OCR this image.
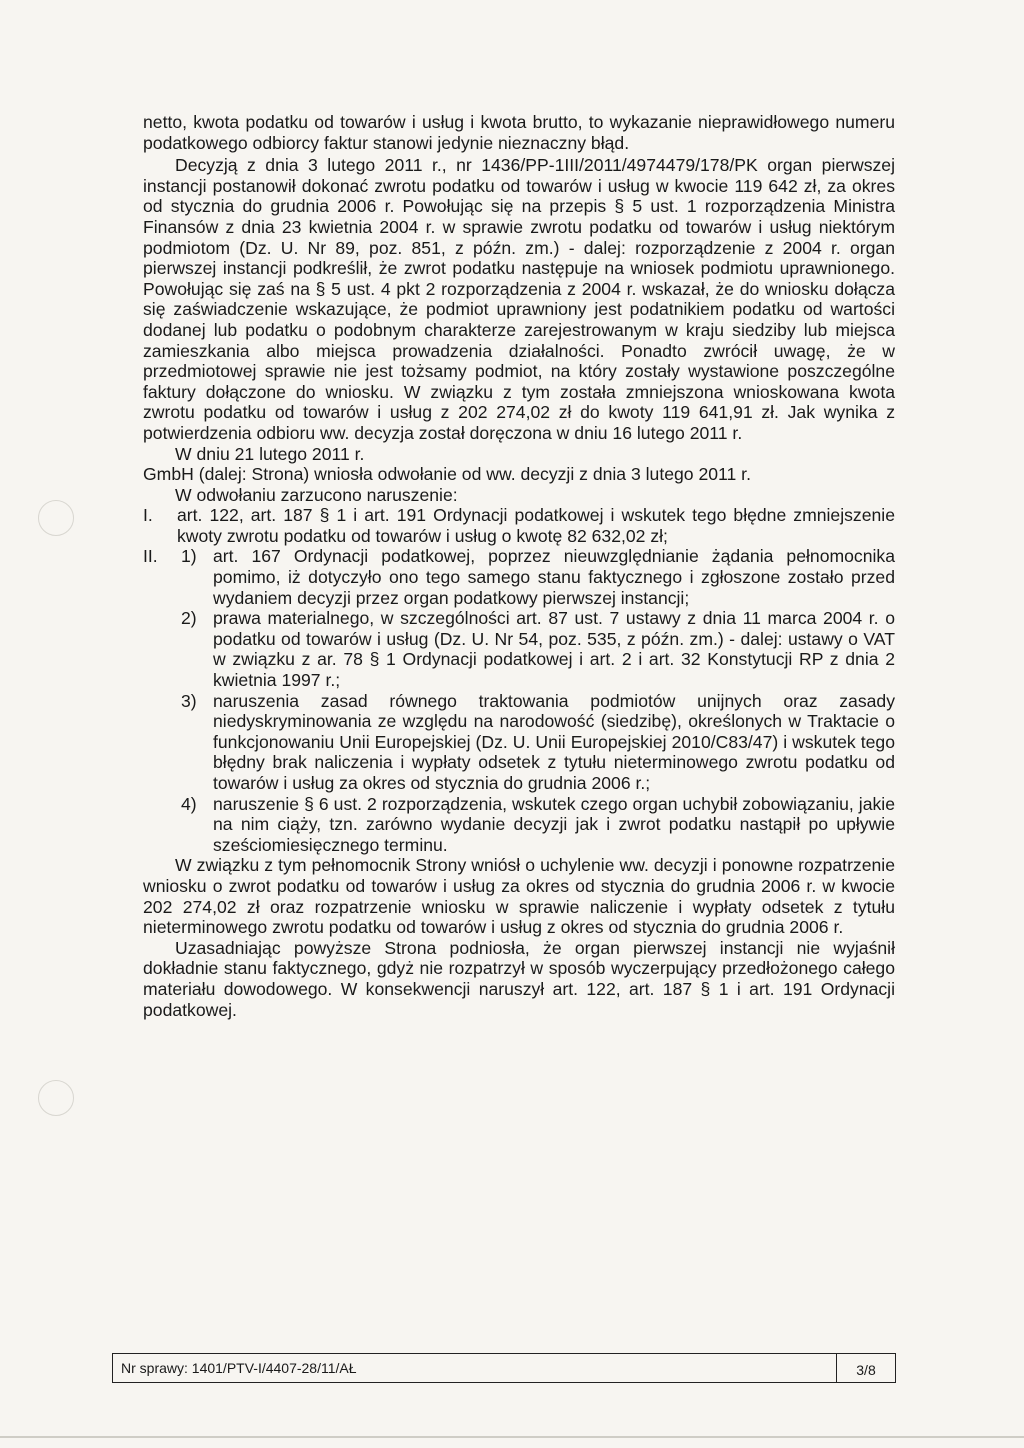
netto, kwota podatku od towarów i usług i kwota brutto, to wykazanie nieprawidłowego numeru podatkowego odbiorcy faktur stanowi jedynie nieznaczny błąd.

Decyzją z dnia 3 lutego 2011 r., nr 1436/PP-1III/2011/4974479/178/PK organ pierwszej instancji postanowił dokonać zwrotu podatku od towarów i usług w kwocie 119 642 zł, za okres od stycznia do grudnia 2006 r. Powołując się na przepis § 5 ust. 1 rozporządzenia Ministra Finansów z dnia 23 kwietnia 2004 r. w sprawie zwrotu podatku od towarów i usług niektórym podmiotom (Dz. U. Nr 89, poz. 851, z późn. zm.) - dalej: rozporządzenie z 2004 r. organ pierwszej instancji podkreślił, że zwrot podatku następuje na wniosek podmiotu uprawnionego. Powołując się zaś na § 5 ust. 4 pkt 2 rozporządzenia z 2004 r. wskazał, że do wniosku dołącza się zaświadczenie wskazujące, że podmiot uprawniony jest podatnikiem podatku od wartości dodanej lub podatku o podobnym charakterze zarejestrowanym w kraju siedziby lub miejsca zamieszkania albo miejsca prowadzenia działalności. Ponadto zwrócił uwagę, że w przedmiotowej sprawie nie jest tożsamy podmiot, na który zostały wystawione poszczególne faktury dołączone do wniosku. W związku z tym została zmniejszona wnioskowana kwota zwrotu podatku od towarów i usług z 202 274,02 zł do kwoty 119 641,91 zł. Jak wynika z potwierdzenia odbioru ww. decyzja został doręczona w dniu 16 lutego 2011 r.

W dniu 21 lutego 2011 r.

GmbH (dalej: Strona) wniosła odwołanie od ww. decyzji z dnia 3 lutego 2011 r.

W odwołaniu zarzucono naruszenie:

I. art. 122, art. 187 § 1 i art. 191 Ordynacji podatkowej i wskutek tego błędne zmniejszenie kwoty zwrotu podatku od towarów i usług o kwotę 82 632,02 zł;
II. 1) art. 167 Ordynacji podatkowej, poprzez nieuwzględnianie żądania pełnomocnika pomimo, iż dotyczyło ono tego samego stanu faktycznego i zgłoszone zostało przed wydaniem decyzji przez organ podatkowy pierwszej instancji;
2) prawa materialnego, w szczególności art. 87 ust. 7 ustawy z dnia 11 marca 2004 r. o podatku od towarów i usług (Dz. U. Nr 54, poz. 535, z późn. zm.) - dalej: ustawy o VAT w związku z ar. 78 § 1 Ordynacji podatkowej i art. 2 i art. 32 Konstytucji RP z dnia 2 kwietnia 1997 r.;
3) naruszenia zasad równego traktowania podmiotów unijnych oraz zasady niedyskryminowania ze względu na narodowość (siedzibę), określonych w Traktacie o funkcjonowaniu Unii Europejskiej (Dz. U. Unii Europejskiej 2010/C83/47) i wskutek tego błędny brak naliczenia i wypłaty odsetek z tytułu nieterminowego zwrotu podatku od towarów i usług za okres od stycznia do grudnia 2006 r.;
4) naruszenie § 6 ust. 2 rozporządzenia, wskutek czego organ uchybił zobowiązaniu, jakie na nim ciąży, tzn. zarówno wydanie decyzji jak i zwrot podatku nastąpił po upływie sześciomiesięcznego terminu.

W związku z tym pełnomocnik Strony wniósł o uchylenie ww. decyzji i ponowne rozpatrzenie wniosku o zwrot podatku od towarów i usług za okres od stycznia do grudnia 2006 r. w kwocie 202 274,02 zł oraz rozpatrzenie wniosku w sprawie naliczenie i wypłaty odsetek z tytułu nieterminowego zwrotu podatku od towarów i usług z okres od stycznia do grudnia 2006 r.

Uzasadniając powyższe Strona podniosła, że organ pierwszej instancji nie wyjaśnił dokładnie stanu faktycznego, gdyż nie rozpatrzył w sposób wyczerpujący przedłożonego całego materiału dowodowego. W konsekwencji naruszył art. 122, art. 187 § 1 i art. 191 Ordynacji podatkowej.

Nr sprawy: 1401/PTV-I/4407-28/11/AŁ	3/8
